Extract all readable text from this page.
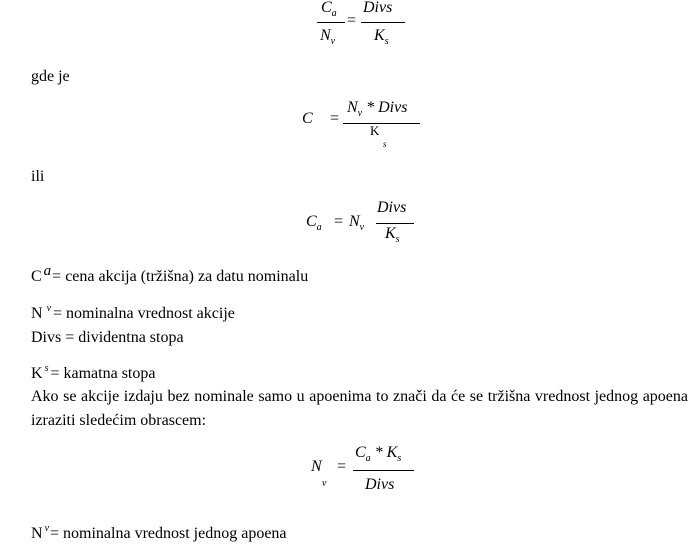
$C_a$
$N_v$
=
Divs
$K_s$
gde je
C =
$N_v$ * Divs
K
s
ili
$C_a = N_v$
Divs
$K_s$
C a= cena akcija (tržišna) za datu nominalu
N $^v$ = nominalna vrednost akcije
Divs = dividentna stopa
K $^s$ = kamatna stopa
Ako se akcije izdaju bez nominale samo u apoenima to znači da će se tržišna vrednost jednog apoena izraziti sledećim obrascem:
N
v
=
$C_a * K_s$
Divs
N $^v$= nominalna vrednost jednog apoena
